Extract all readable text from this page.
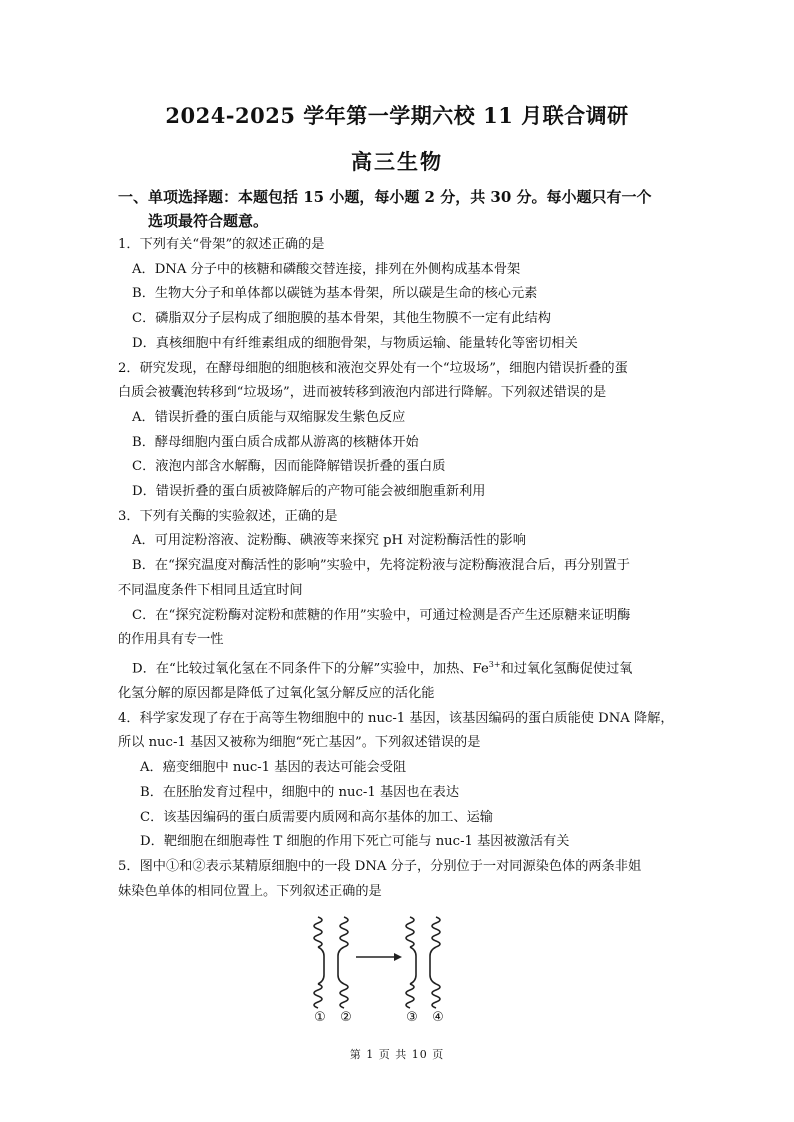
2024-2025 学年第一学期六校 11 月联合调研
高三生物

一、单项选择题：本题包括 15 小题，每小题 2 分，共 30 分。每小题只有一个

选项最符合题意。

1．下列有关“骨架”的叙述正确的是

A．DNA 分子中的核糖和磷酸交替连接，排列在外侧构成基本骨架

B．生物大分子和单体都以碳链为基本骨架，所以碳是生命的核心元素

C．磷脂双分子层构成了细胞膜的基本骨架，其他生物膜不一定有此结构

D．真核细胞中有纤维素组成的细胞骨架，与物质运输、能量转化等密切相关

2．研究发现，在酵母细胞的细胞核和液泡交界处有一个“垃圾场”，细胞内错误折叠的蛋

白质会被囊泡转移到“垃圾场”，进而被转移到液泡内部进行降解。下列叙述错误的是

A．错误折叠的蛋白质能与双缩脲发生紫色反应

B．酵母细胞内蛋白质合成都从游离的核糖体开始

C．液泡内部含水解酶，因而能降解错误折叠的蛋白质

D．错误折叠的蛋白质被降解后的产物可能会被细胞重新利用

3．下列有关酶的实验叙述，正确的是

A．可用淀粉溶液、淀粉酶、碘液等来探究 pH 对淀粉酶活性的影响

B．在“探究温度对酶活性的影响”实验中，先将淀粉液与淀粉酶液混合后，再分别置于

不同温度条件下相同且适宜时间

C．在“探究淀粉酶对淀粉和蔗糖的作用”实验中，可通过检测是否产生还原糖来证明酶

的作用具有专一性

D．在“比较过氧化氢在不同条件下的分解”实验中，加热、$Fe^{3+}$和过氧化氢酶促使过氧

化氢分解的原因都是降低了过氧化氢分解反应的活化能

4．科学家发现了存在于高等生物细胞中的 nuc-1 基因，该基因编码的蛋白质能使 DNA 降解，

所以 nuc-1 基因又被称为细胞“死亡基因”。下列叙述错误的是

A．癌变细胞中 nuc-1 基因的表达可能会受阻

B．在胚胎发育过程中，细胞中的 nuc-1 基因也在表达

C．该基因编码的蛋白质需要内质网和高尔基体的加工、运输

D．靶细胞在细胞毒性 T 细胞的作用下死亡可能与 nuc-1 基因被激活有关

5．图中①和②表示某精原细胞中的一段 DNA 分子，分别位于一对同源染色体的两条非姐

妹染色单体的相同位置上。下列叙述正确的是

① ②	③ ④
第 1 页 共 10 页
